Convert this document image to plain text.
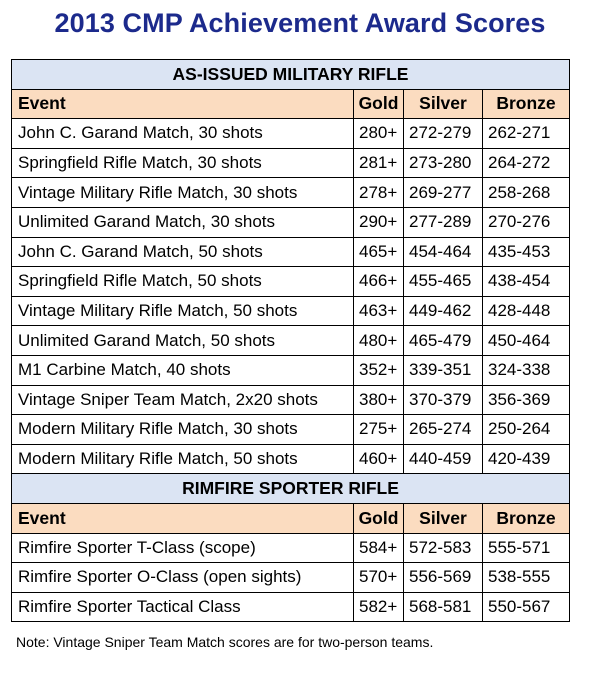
2013 CMP Achievement Award Scores
AS-ISSUED MILITARY RIFLE			
Event	Gold	Silver	Bronze
John C. Garand Match, 30 shots	280+	272-279	262-271
Springfield Rifle Match, 30 shots	281+	273-280	264-272
Vintage Military Rifle Match, 30 shots	278+	269-277	258-268
Unlimited Garand Match, 30 shots	290+	277-289	270-276
John C. Garand Match, 50 shots	465+	454-464	435-453
Springfield Rifle Match, 50 shots	466+	455-465	438-454
Vintage Military Rifle Match, 50 shots	463+	449-462	428-448
Unlimited Garand Match, 50 shots	480+	465-479	450-464
M1 Carbine Match, 40 shots	352+	339-351	324-338
Vintage Sniper Team Match, 2x20 shots	380+	370-379	356-369
Modern Military Rifle Match, 30 shots	275+	265-274	250-264
Modern Military Rifle Match, 50 shots	460+	440-459	420-439
RIMFIRE SPORTER RIFLE			
Event	Gold	Silver	Bronze
Rimfire Sporter T-Class (scope)	584+	572-583	555-571
Rimfire Sporter O-Class (open sights)	570+	556-569	538-555
Rimfire Sporter Tactical Class	582+	568-581	550-567
Note: Vintage Sniper Team Match scores are for two-person teams.
